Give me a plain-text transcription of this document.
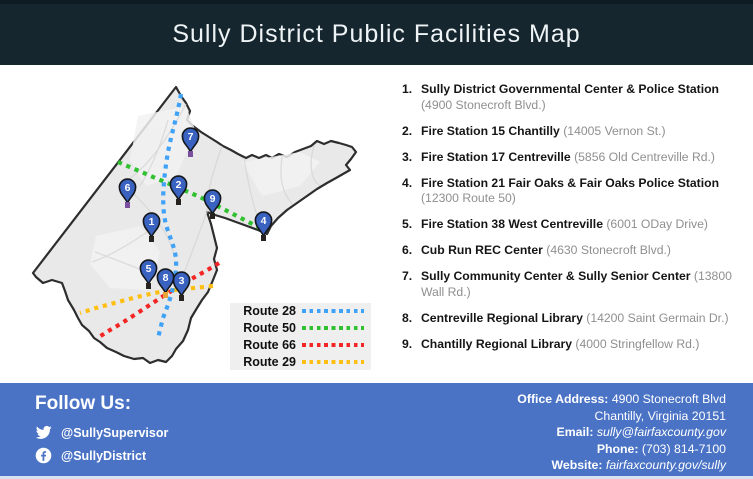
Sully District Public Facilities Map
1
2
3
4
5
6
7
8
9
Route 28
Route 50
Route 66
Route 29
1. Sully District Governmental Center & Police Station (4900 Stonecroft Blvd.)
2. Fire Station 15 Chantilly (14005 Vernon St.)
3. Fire Station 17 Centreville (5856 Old Centreville Rd.)
4. Fire Station 21 Fair Oaks & Fair Oaks Police Station (12300 Route 50)
5. Fire Station 38 West Centreville (6001 ODay Drive)
6. Cub Run REC Center (4630 Stonecroft Blvd.)
7. Sully Community Center & Sully Senior Center (13800 Wall Rd.)
8. Centreville Regional Library (14200 Saint Germain Dr.)
9. Chantilly Regional Library (4000 Stringfellow Rd.)
Follow Us:
@SullySupervisor
@SullyDistrict
Office Address: 4900 Stonecroft Blvd
Chantilly, Virginia 20151
Email: sully@fairfaxcounty.gov
Phone: (703) 814-7100
Website: fairfaxcounty.gov/sully
